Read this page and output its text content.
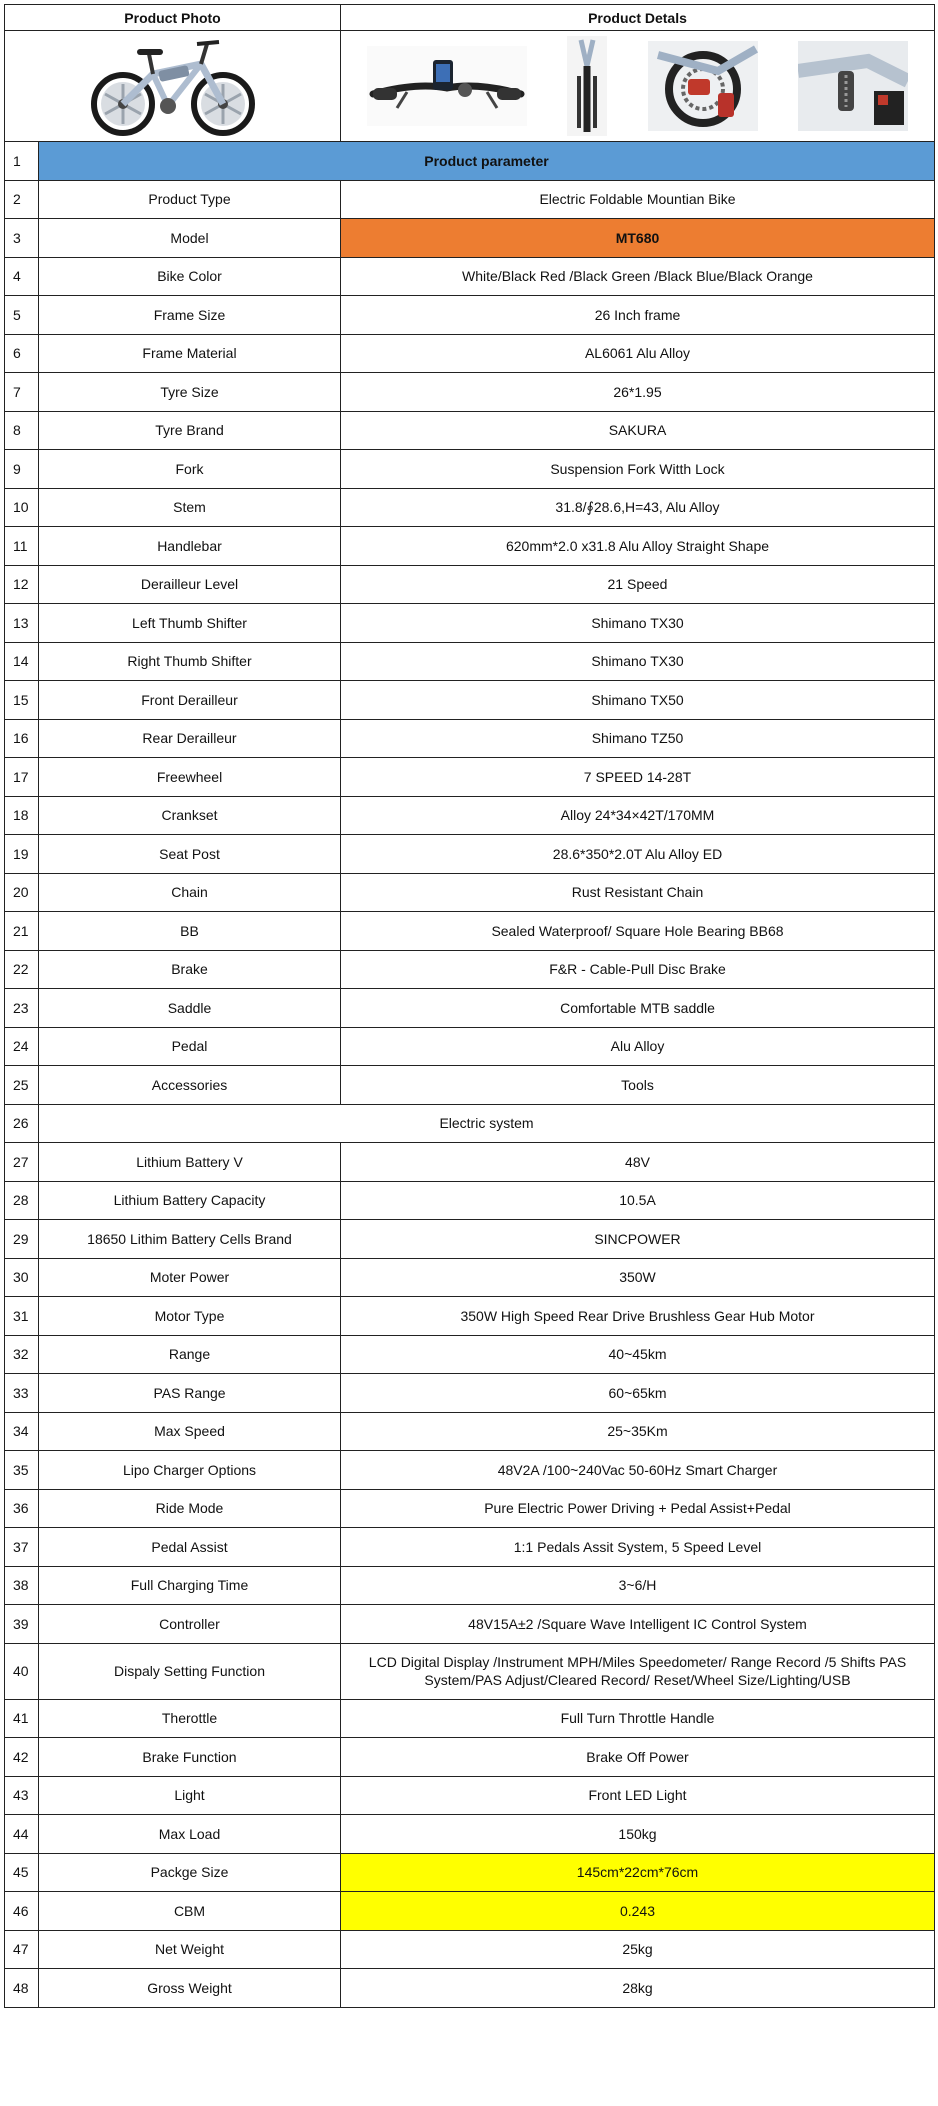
Product Photo		Product Detals

1	Product parameter	
2	Product Type	Electric Foldable Mountian Bike
3	Model	MT680
4	Bike Color	White/Black Red /Black Green /Black Blue/Black Orange
5	Frame Size	26 Inch frame
6	Frame Material	AL6061 Alu Alloy
7	Tyre Size	26*1.95
8	Tyre Brand	SAKURA
9	Fork	Suspension Fork Witth Lock
10	Stem	31.8/∮28.6,H=43, Alu Alloy
11	Handlebar	620mm*2.0 x31.8 Alu Alloy Straight Shape
12	Derailleur Level	21 Speed
13	Left Thumb Shifter	Shimano TX30
14	Right Thumb Shifter	Shimano TX30
15	Front Derailleur	Shimano TX50
16	Rear Derailleur	Shimano TZ50
17	Freewheel	7 SPEED 14-28T
18	Crankset	Alloy 24*34×42T/170MM
19	Seat Post	28.6*350*2.0T Alu Alloy ED
20	Chain	Rust Resistant Chain
21	BB	Sealed Waterproof/ Square Hole Bearing BB68
22	Brake	F&R - Cable-Pull Disc Brake
23	Saddle	Comfortable MTB saddle
24	Pedal	Alu Alloy
25	Accessories	Tools
26	Electric system	
27	Lithium Battery V	48V
28	Lithium Battery Capacity	10.5A
29	18650 Lithim Battery Cells Brand	SINCPOWER
30	Moter Power	350W
31	Motor Type	350W High Speed Rear Drive Brushless Gear Hub Motor
32	Range	40~45km
33	PAS Range	60~65km
34	Max Speed	25~35Km
35	Lipo Charger Options	48V2A /100~240Vac 50-60Hz Smart Charger
36	Ride Mode	Pure Electric Power Driving + Pedal Assist+Pedal
37	Pedal Assist	1:1 Pedals Assit System, 5 Speed Level
38	Full Charging Time	3~6/H
39	Controller	48V15A±2 /Square Wave Intelligent IC Control System
40	Dispaly Setting Function	LCD Digital Display /Instrument MPH/Miles Speedometer/ Range Record /5 Shifts PAS System/PAS Adjust/Cleared Record/ Reset/Wheel Size/Lighting/USB
41	Therottle	Full Turn Throttle Handle
42	Brake Function	Brake Off Power
43	Light	Front LED Light
44	Max Load	150kg
45	Packge Size	145cm*22cm*76cm
46	CBM	0.243
47	Net Weight	25kg
48	Gross Weight	28kg
